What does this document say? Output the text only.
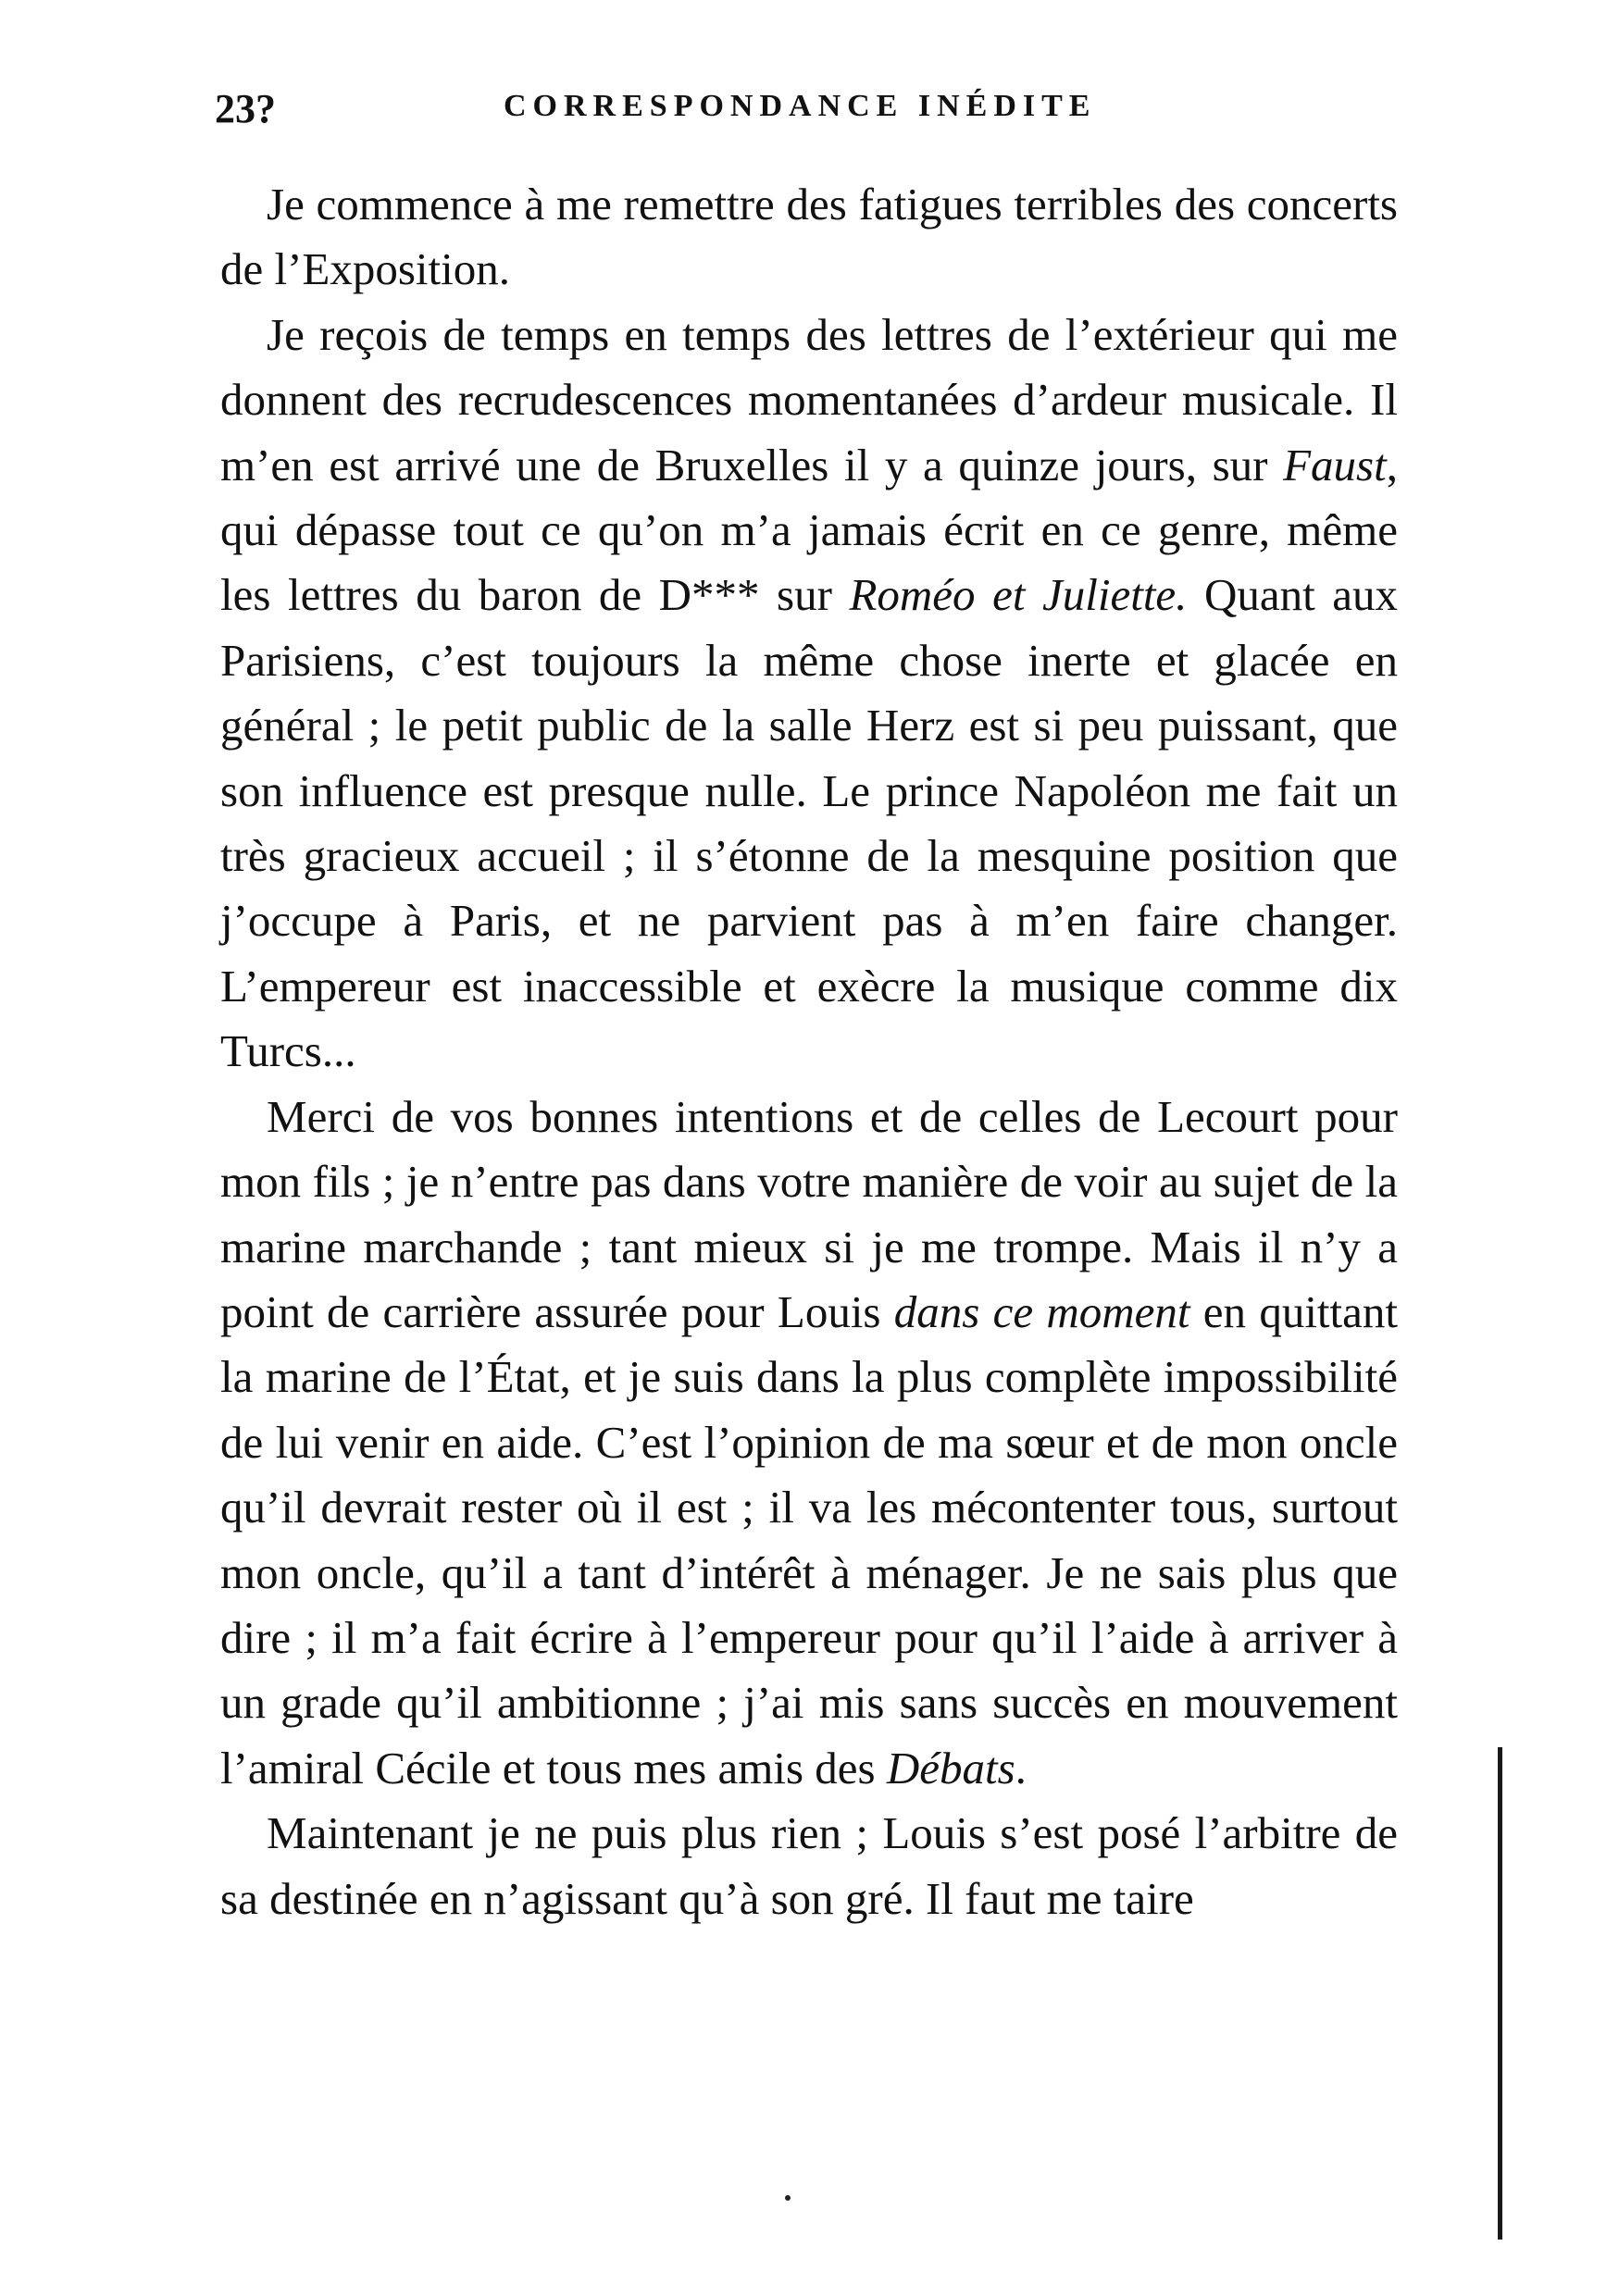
23?	CORRESPONDANCE INÉDITE

Je commence à me remettre des fatigues terribles des concerts de l’Exposition.

Je reçois de temps en temps des lettres de l’extérieur qui me donnent des recrudescences momentanées d’ardeur musicale. Il m’en est arrivé une de Bruxelles il y a quinze jours, sur Faust, qui dépasse tout ce qu’on m’a jamais écrit en ce genre, même les lettres du baron de D*** sur Roméo et Juliette. Quant aux Parisiens, c’est toujours la même chose inerte et glacée en général ; le petit public de la salle Herz est si peu puissant, que son influence est presque nulle. Le prince Napoléon me fait un très gracieux accueil ; il s’étonne de la mesquine position que j’occupe à Paris, et ne parvient pas à m’en faire changer. L’empereur est inaccessible et exècre la musique comme dix Turcs...

Merci de vos bonnes intentions et de celles de Lecourt pour mon fils ; je n’entre pas dans votre manière de voir au sujet de la marine marchande ; tant mieux si je me trompe. Mais il n’y a point de carrière assurée pour Louis dans ce moment en quittant la marine de l’État, et je suis dans la plus complète impossibilité de lui venir en aide. C’est l’opinion de ma sœur et de mon oncle qu’il devrait rester où il est ; il va les mécontenter tous, surtout mon oncle, qu’il a tant d’intérêt à ménager. Je ne sais plus que dire ; il m’a fait écrire à l’empereur pour qu’il l’aide à arriver à un grade qu’il ambitionne ; j’ai mis sans succès en mouvement l’amiral Cécile et tous mes amis des Débats.

Maintenant je ne puis plus rien ; Louis s’est posé l’arbitre de sa destinée en n’agissant qu’à son gré. Il faut me taire
